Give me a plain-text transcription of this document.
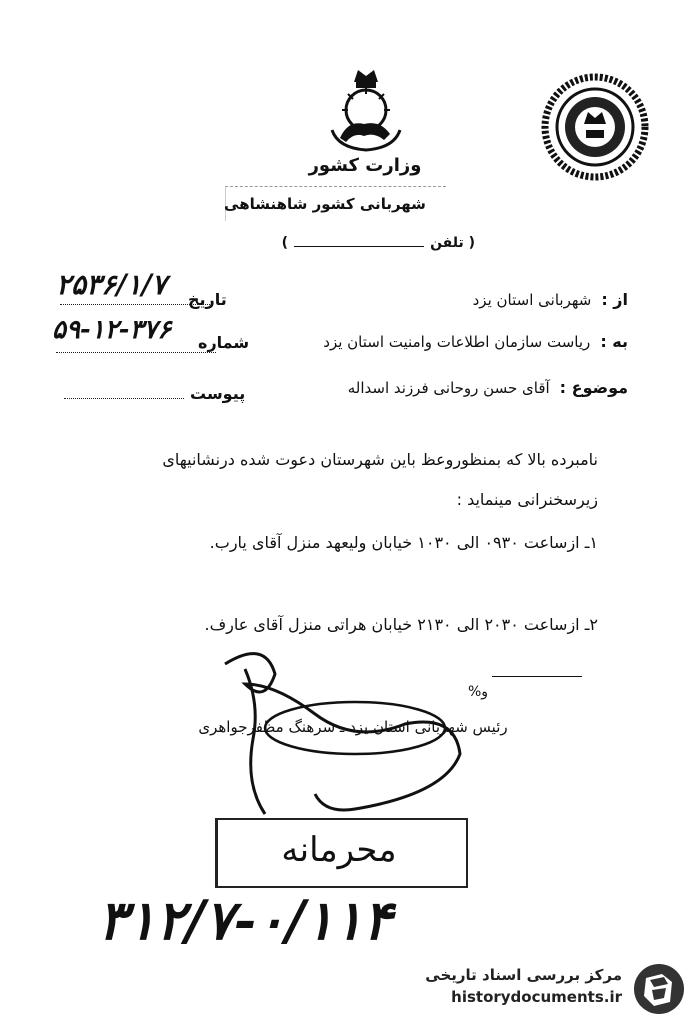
وزارت کشور
شهربانی کشور شاهنشاهی
( تلفن)
۲۵۳۶/۱/۷ تاریخ
۵۹-۱۲-۳۷۶ شماره
پیوست
از :شهربانی استان یزد
به :ریاست سازمان اطلاعات وامنیت استان یزد
موضوع :آقای حسن روحانی فرزند اسداله
نامبرده بالا که بمنظوروعظ باین شهرستان دعوت شده درنشانیهای زیرسخنرانی مینماید :
۱ـ ازساعت ۰۹۳۰ الی ۱۰۳۰ خیابان ولیعهد منزل آقای یارب.
۲ـ ازساعت ۲۰۳۰ الی ۲۱۳۰ خیابان هراتی منزل آقای عارف.
و%
رئیس شهربانی استان یزد ـ سرهنگ مظفرجواهری
محرمانه
۳۱۲/۷-۰/۱۱۴
مرکز بررسی اسناد تاریخی
historydocuments.ir
